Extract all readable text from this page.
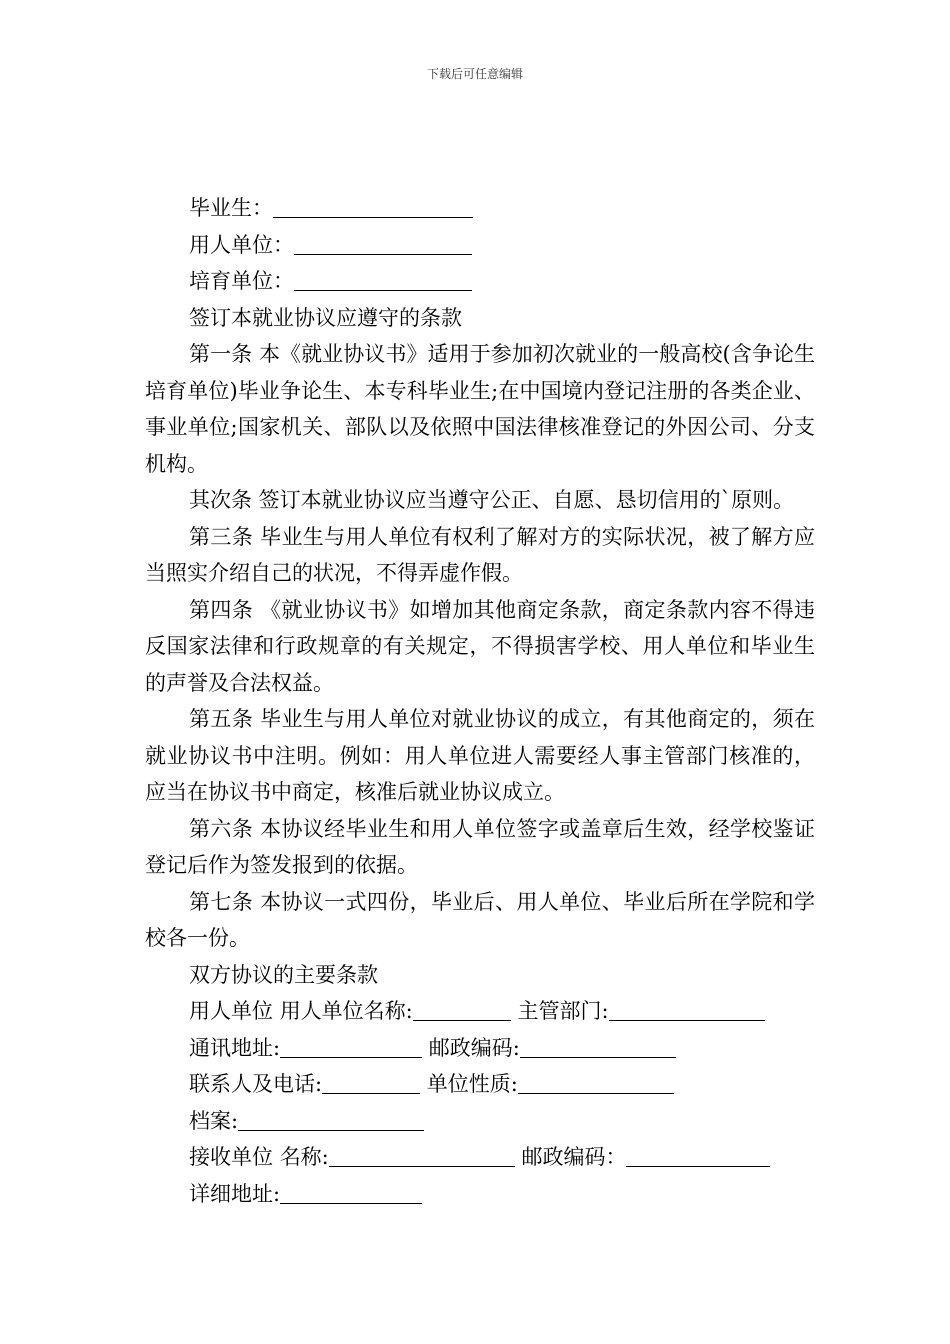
下载后可任意编辑

毕业生：

用人单位：

培育单位：

签订本就业协议应遵守的条款

第一条 本《就业协议书》适用于参加初次就业的一般高校(含争论生培育单位)毕业争论生、本专科毕业生;在中国境内登记注册的各类企业、事业单位;国家机关、部队以及依照中国法律核准登记的外因公司、分支机构。

其次条 签订本就业协议应当遵守公正、自愿、恳切信用的`原则。

第三条 毕业生与用人单位有权利了解对方的实际状况，被了解方应当照实介绍自己的状况，不得弄虚作假。

第四条 《就业协议书》如增加其他商定条款，商定条款内容不得违反国家法律和行政规章的有关规定，不得损害学校、用人单位和毕业生的声誉及合法权益。

第五条 毕业生与用人单位对就业协议的成立，有其他商定的，须在就业协议书中注明。例如：用人单位进人需要经人事主管部门核准的，应当在协议书中商定，核准后就业协议成立。

第六条 本协议经毕业生和用人单位签字或盖章后生效，经学校鉴证登记后作为签发报到的依据。

第七条 本协议一式四份，毕业后、用人单位、毕业后所在学院和学校各一份。

双方协议的主要条款

用人单位 用人单位名称:	主管部门:

通讯地址:	邮政编码:

联系人及电话:	单位性质:

档案:

接收单位 名称:	邮政编码：

详细地址:
